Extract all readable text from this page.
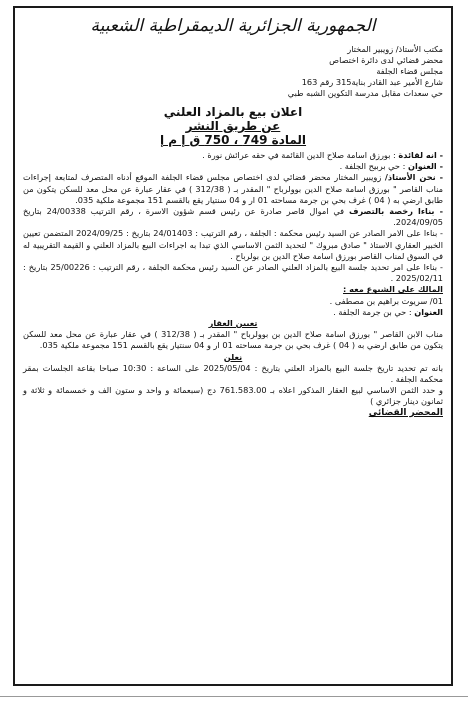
الجمهورية الجزائرية الديمقراطية الشعبية
مكتب الأستاذ/ زويبير المختار
محضر قضائي لدى دائرة اختصاص
مجلس قضاء الجلفة
شارع الأمير عبد القادر بناية315 رقم 163
حي سعدات مقابل مدرسة التكوين الشبه طبي
اعلان بيع بالمزاد العلني
عن طريق النشر
المادة 749 ، 750 ق إ م إ

- انه لقائدة : بورزق اسامة صلاح الدين القائمة في حقه عرائش نورة .

- العنوان : حي بربيح الجلفة .

- نحن الأستاذ/ زويبير المختار محضر قضائي لدى اختصاص مجلس قضاء الجلفة الموقع أدناه المتصرف لمتابعة إجراءات مناب القاصر " بورزق اسامة صلاح الدين بوولرباح " المقدر بـ ( 312/38 ) في عقار عبارة عن محل معد للسكن يتكون من طابق ارضي به ( 04 ) غرف بحي بن جرمة مساحته 01 ار و 04 سنتيار يقع بالقسم 151 مجموعة ملكية 035.

- بناءا رخصة بالتصرف في اموال قاصر صادرة عن رئيس قسم شؤون الاسرة ، رقم الترتيب 24/00338 بتاريخ 2024/09/05.

- بناءا على الامر الصادر عن السيد رئيس محكمة : الجلفة ، رقم الترتيب : 24/01403 بتاريخ : 2024/09/25 المتضمن تعيين الخبير العقاري الاستاذ " صادق مبروك " لتحديد الثمن الاساسي الذي تبدا به اجراءات البيع بالمزاد العلني و القيمة التقريبية له في السوق لمناب القاصر بورزق اسامة صلاح الدين بن بولرباح .

- بناءا على امر تحديد جلسة البيع بالمزاد العلني الصادر عن السيد رئيس محكمة الجلفة ، رقم الترتيب : 25/00226 بتاريخ : 2025/02/11 .

المالك على الشيوع معه :

01/ سريوت براهيم بن مصطفى .

العنوان : حي بن جرمة الجلفة .

تعيين العقار

مناب الابن القاصر " بورزق اسامة صلاح الدين بن بوولرباح " المقدر بـ ( 312/38 ) في عقار عبارة عن محل معد للسكن يتكون من طابق ارضي به ( 04 ) غرف بحي بن جرمة مساحته 01 ار و 04 سنتيار يقع بالقسم 151 مجموعة ملكية 035.

نعلن

بانه تم تحديد تاريخ جلسة البيع بالمزاد العلني بتاريخ : 2025/05/04 على الساعة : 10:30 صباحا بقاعة الجلسات بمقر محكمة الجلفة .

و حدد الثمن الاساسي لبيع العقار المذكور اعلاه بـ 761.583.00 دج (سبعمائة و واحد و ستون الف و خمسمائة و ثلاثة و ثمانون دينار جزائري )

المحضر القضائي
